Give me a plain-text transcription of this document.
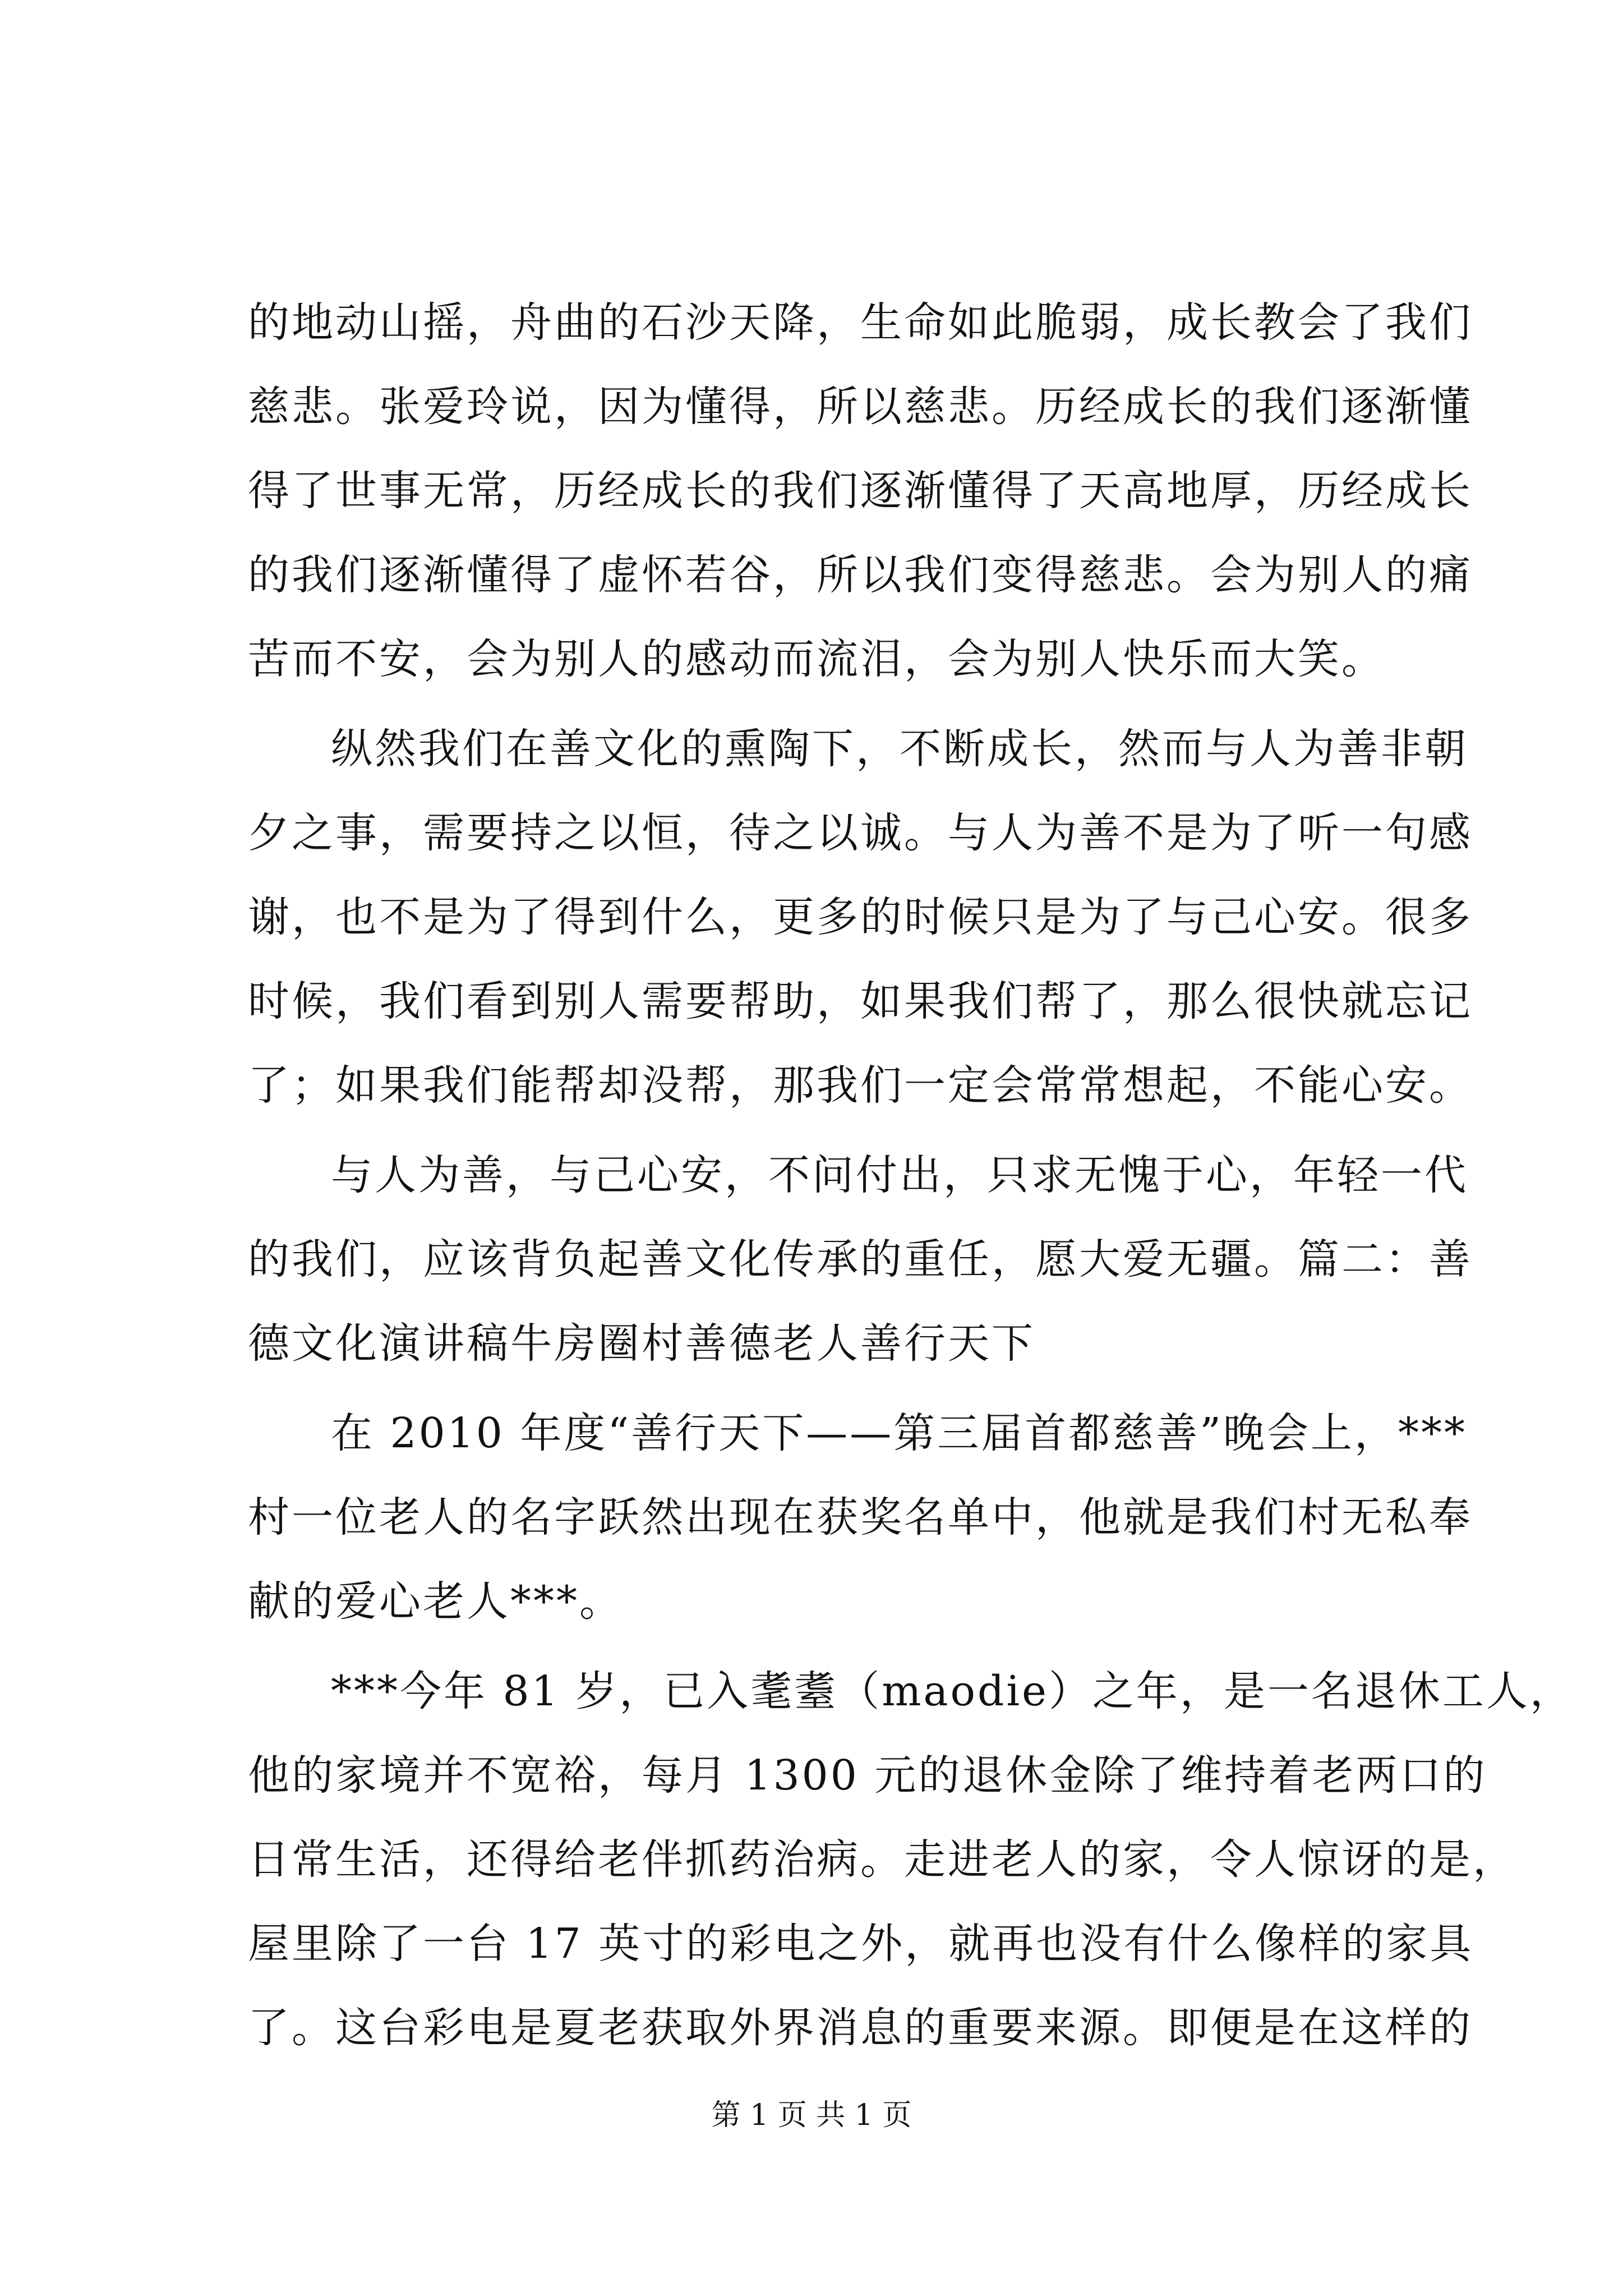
的地动山摇，舟曲的石沙天降，生命如此脆弱，成长教会了我们
慈悲。张爱玲说，因为懂得，所以慈悲。历经成长的我们逐渐懂
得了世事无常，历经成长的我们逐渐懂得了天高地厚，历经成长
的我们逐渐懂得了虚怀若谷，所以我们变得慈悲。会为别人的痛
苦而不安，会为别人的感动而流泪，会为别人快乐而大笑。
纵然我们在善文化的熏陶下，不断成长，然而与人为善非朝
夕之事，需要持之以恒，待之以诚。与人为善不是为了听一句感
谢，也不是为了得到什么，更多的时候只是为了与己心安。很多
时候，我们看到别人需要帮助，如果我们帮了，那么很快就忘记
了；如果我们能帮却没帮，那我们一定会常常想起，不能心安。
与人为善，与己心安，不问付出，只求无愧于心，年轻一代
的我们，应该背负起善文化传承的重任，愿大爱无疆。篇二：善
德文化演讲稿牛房圈村善德老人善行天下
在 2010 年度“善行天下——第三届首都慈善”晚会上，***
村一位老人的名字跃然出现在获奖名单中，他就是我们村无私奉
献的爱心老人***。
***今年 81 岁，已入耄耋（maodie）之年，是一名退休工人，
他的家境并不宽裕，每月 1300 元的退休金除了维持着老两口的
日常生活，还得给老伴抓药治病。走进老人的家，令人惊讶的是，
屋里除了一台 17 英寸的彩电之外，就再也没有什么像样的家具
了。这台彩电是夏老获取外界消息的重要来源。即便是在这样的
第 1 页 共 1 页
